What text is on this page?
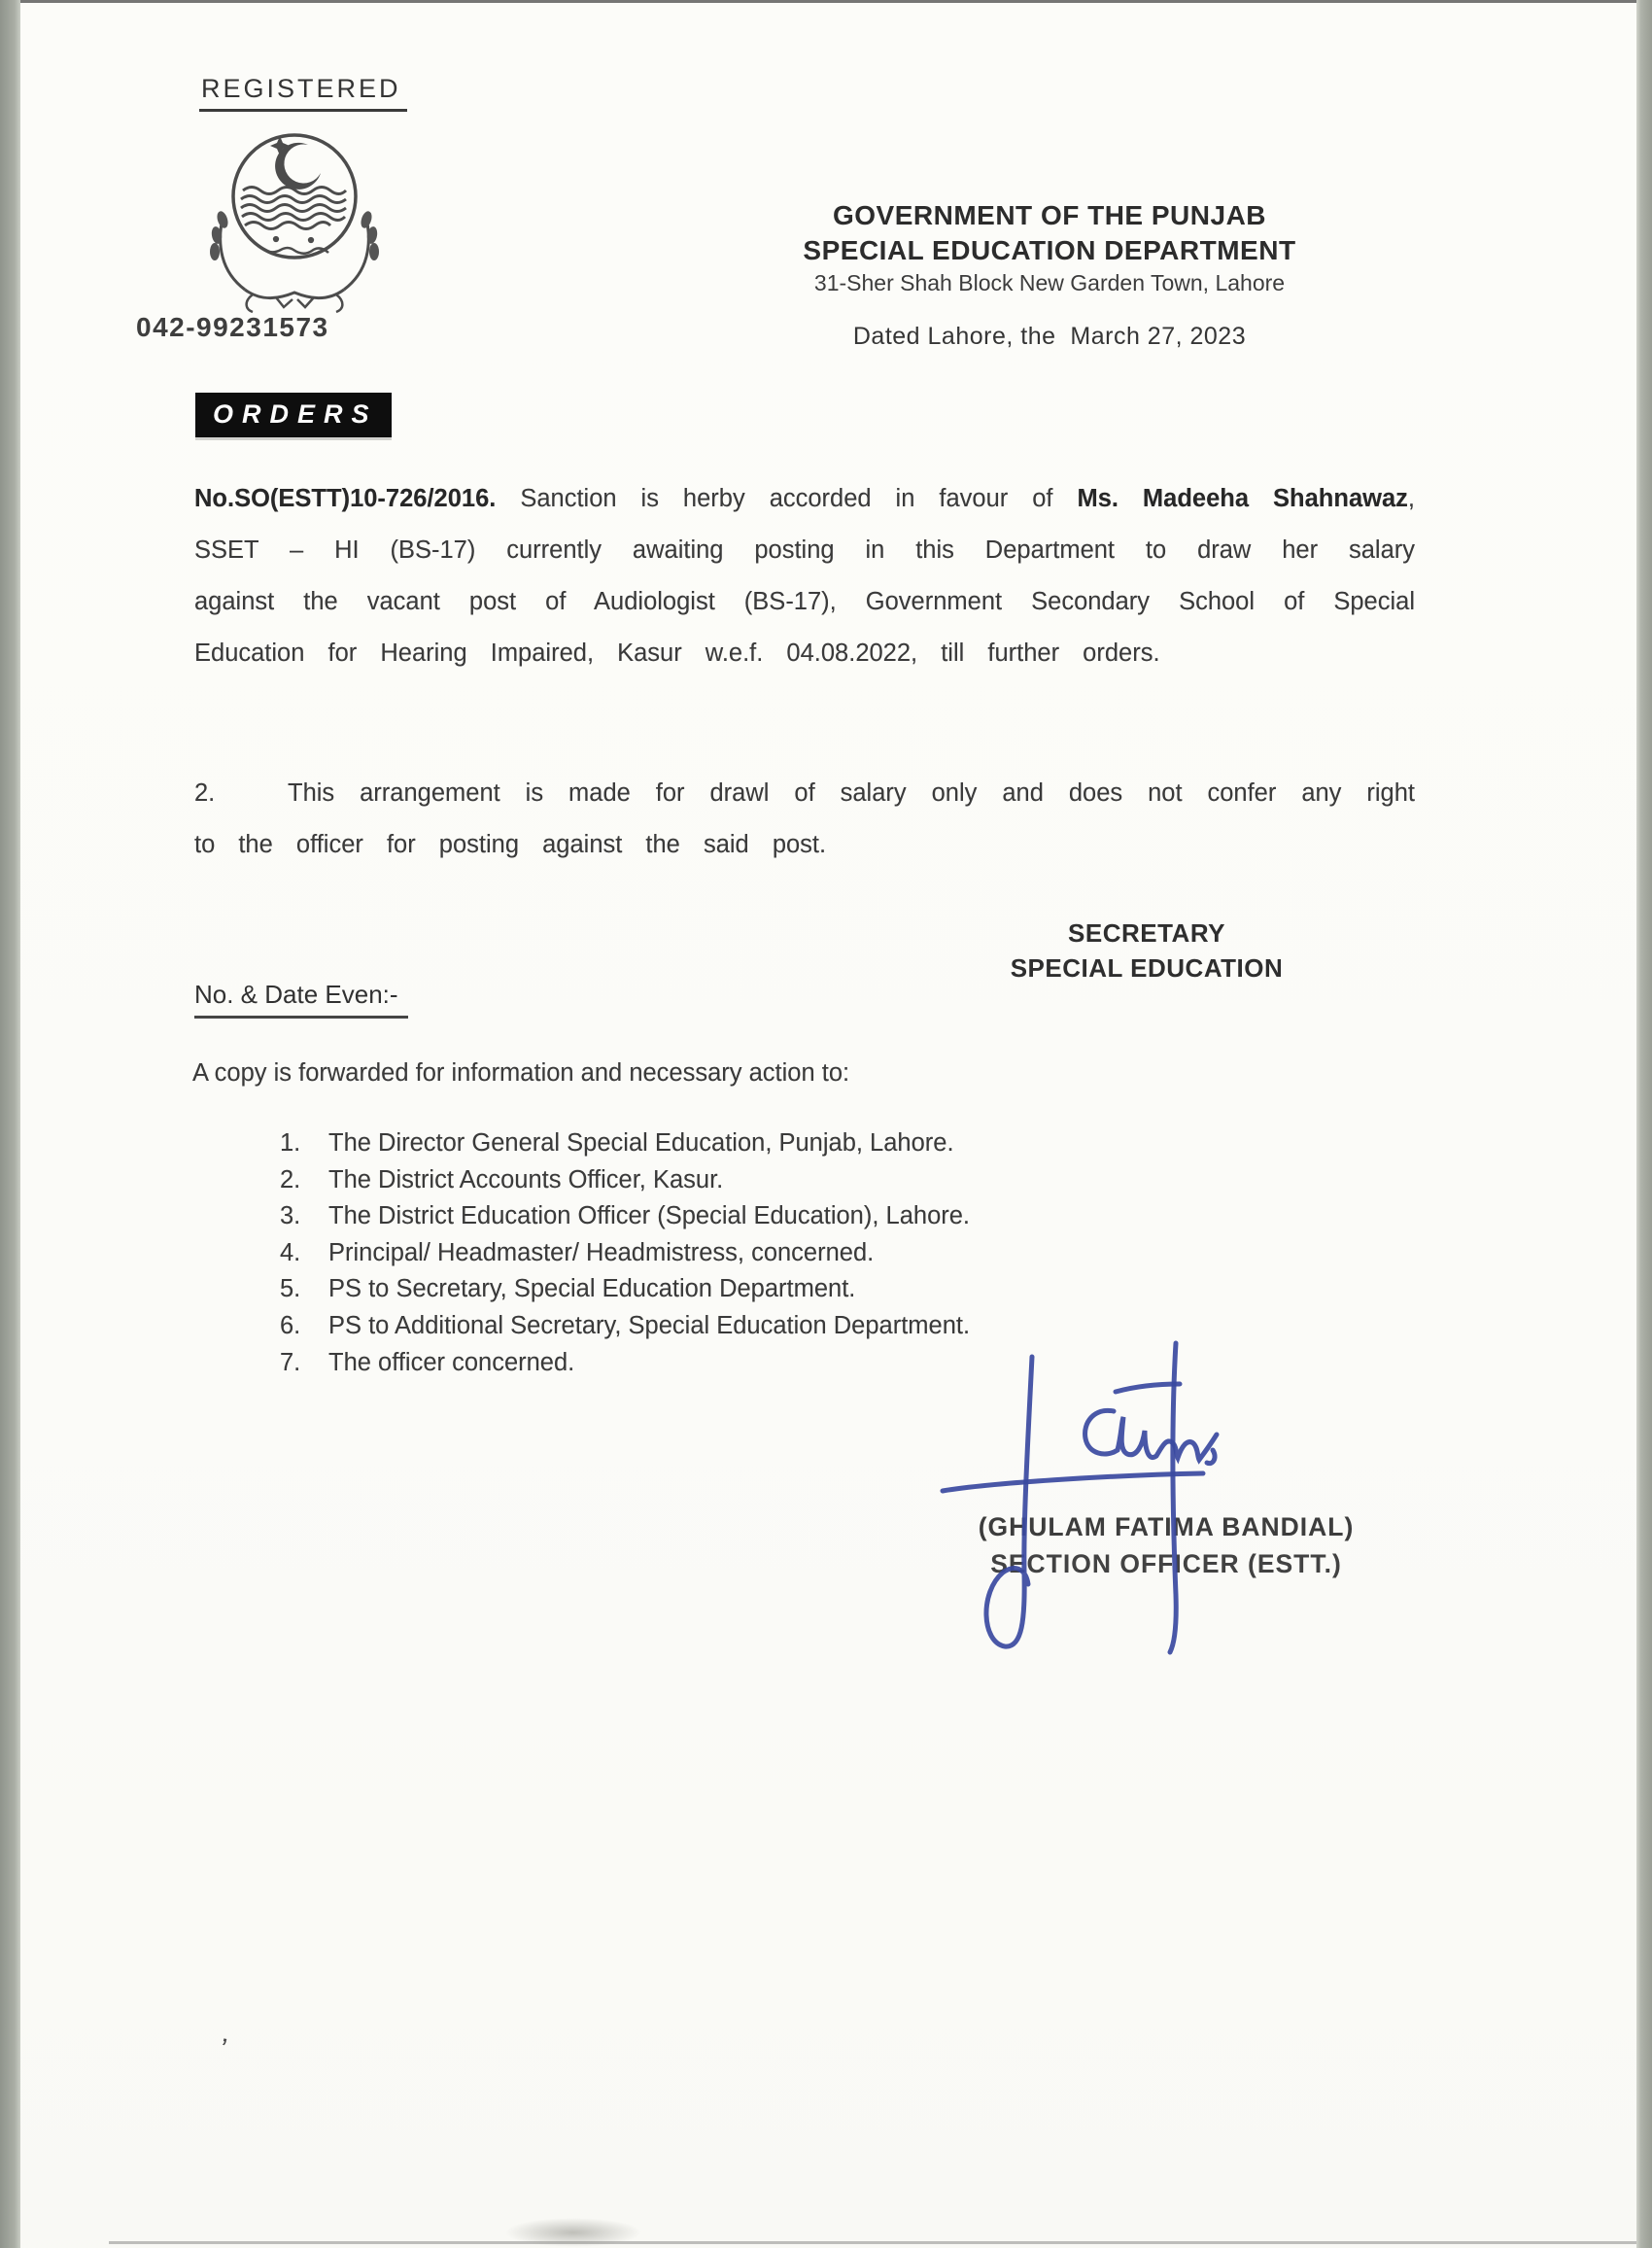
REGISTERED
042-99231573
GOVERNMENT OF THE PUNJAB
SPECIAL EDUCATION DEPARTMENT
31-Sher Shah Block New Garden Town, Lahore
Dated Lahore, the  March 27, 2023
ORDERS
No.SO(ESTT)10-726/2016. Sanction is herby accorded in favour of Ms. Madeeha Shahnawaz, SSET – HI (BS-17) currently awaiting posting in this Department to draw her salary against the vacant post of Audiologist (BS-17), Government Secondary School of Special Education for Hearing Impaired, Kasur w.e.f. 04.08.2022, till further orders.
2.	This arrangement is made for drawl of salary only and does not confer any right to the officer for posting against the said post.
SECRETARY
SPECIAL EDUCATION
No. & Date Even:-
A copy is forwarded for information and necessary action to:
1. The Director General Special Education, Punjab, Lahore.
2. The District Accounts Officer, Kasur.
3. The District Education Officer (Special Education), Lahore.
4. Principal/ Headmaster/ Headmistress, concerned.
5. PS to Secretary, Special Education Department.
6. PS to Additional Secretary, Special Education Department.
7. The officer concerned.
(GHULAM FATIMA BANDIAL)
SECTION OFFICER (ESTT.)
’
